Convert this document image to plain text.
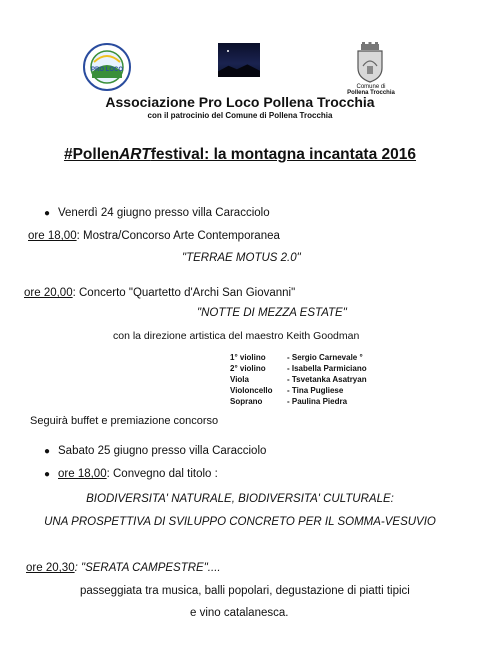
PRO LOCO
Comune di
Pollena Trocchia
Associazione Pro Loco Pollena Trocchia
con il patrocinio del Comune di Pollena Trocchia
#PollenARTfestival: la montagna incantata 2016
● Venerdì 24 giugno presso villa Caracciolo
ore 18,00: Mostra/Concorso Arte Contemporanea
"TERRAE MOTUS 2.0"
ore 20,00: Concerto "Quartetto d'Archi San Giovanni"
"NOTTE DI MEZZA ESTATE"
con la direzione artistica del maestro Keith Goodman
1° violino	- Sergio Carnevale °
2° violino	- Isabella Parmiciano
Viola	- Tsvetanka Asatryan
Violoncello - Tina Pugliese
Soprano	- Paulina Piedra
Seguirà buffet e premiazione concorso
● Sabato 25 giugno presso villa Caracciolo
● ore 18,00: Convegno dal titolo :
BIODIVERSITA' NATURALE, BIODIVERSITA' CULTURALE:
UNA PROSPETTIVA DI SVILUPPO CONCRETO PER IL SOMMA-VESUVIO
ore 20,30: "SERATA CAMPESTRE"....
passeggiata tra musica, balli popolari, degustazione di piatti tipici
e vino catalanesca.
